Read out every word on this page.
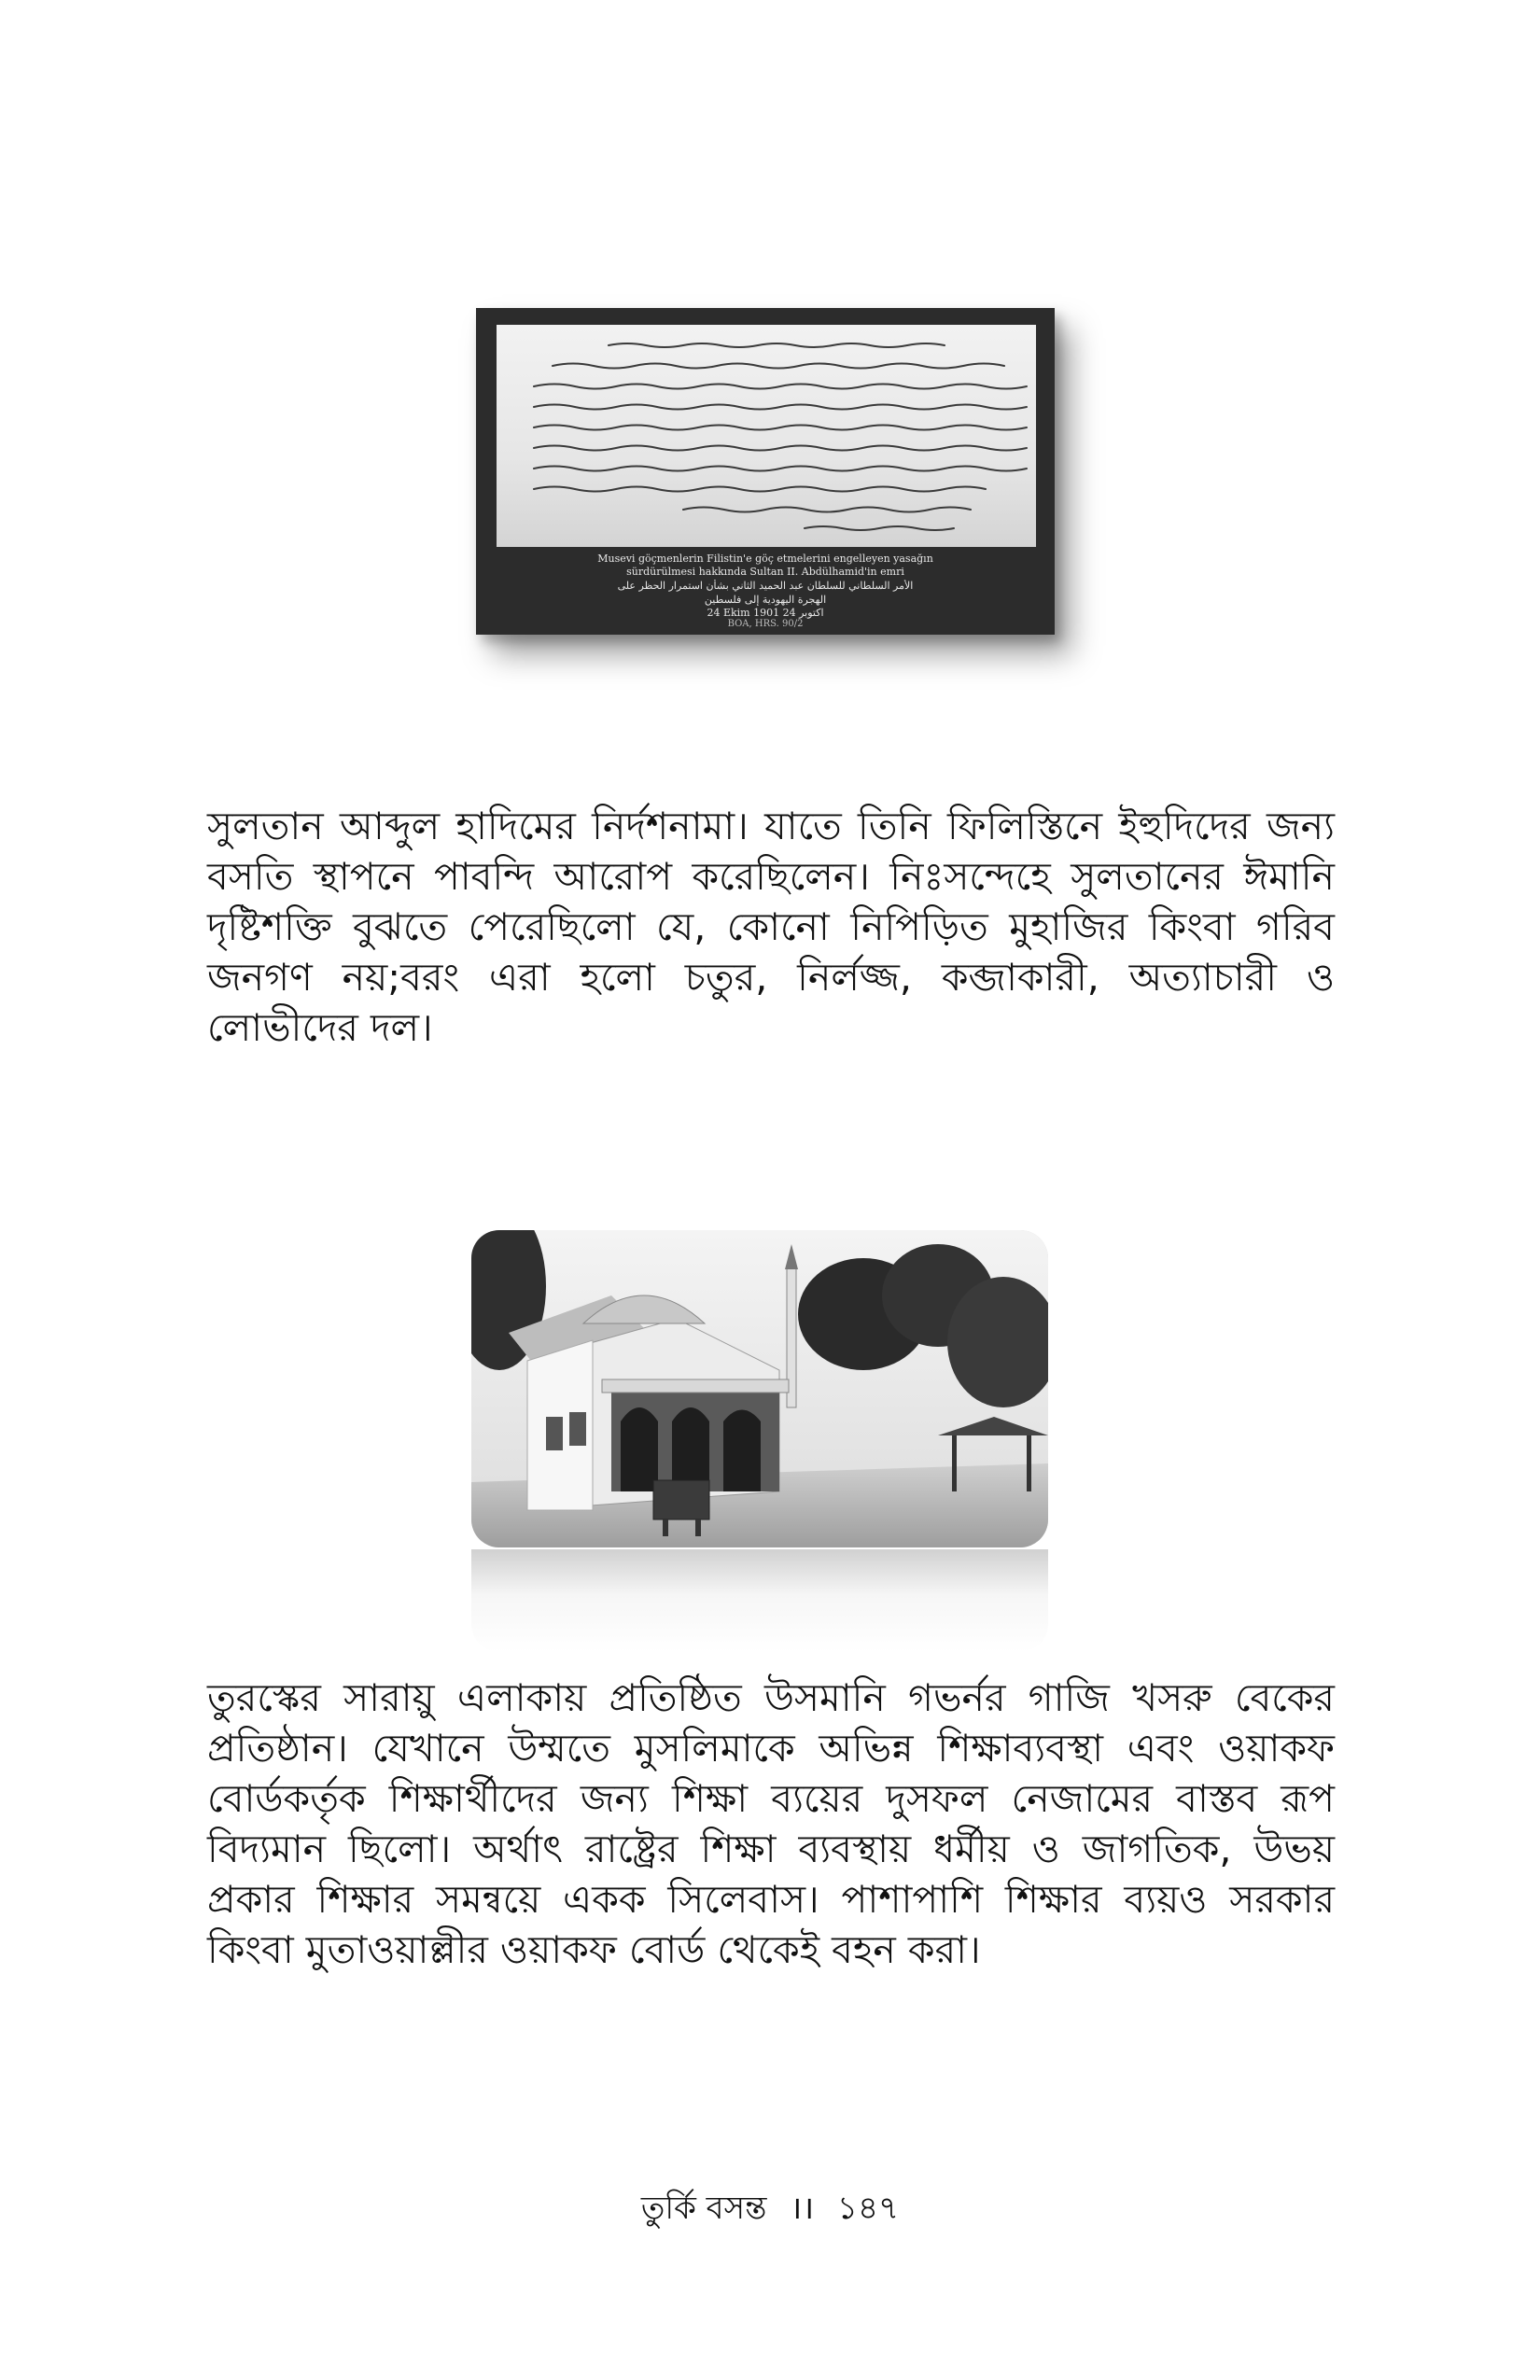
Musevi göçmenlerin Filistin'e göç etmelerini engelleyen yasağın
sürdürülmesi hakkında Sultan II. Abdülhamid'in emri
الأمر السلطاني للسلطان عبد الحميد الثاني بشأن استمرار الحظر على
الهجرة اليهودية إلى فلسطين
24 Ekim 1901 اكتوبر 24
BOA, HRS. 90/2

সুলতান আব্দুল হাদিমের নির্দশনামা। যাতে তিনি ফিলিস্তিনে ইহুদিদের জন্য বসতি স্থাপনে পাবন্দি আরোপ করেছিলেন। নিঃসন্দেহে সুলতানের ঈমানি দৃষ্টিশক্তি বুঝতে পেরেছিলো যে, কোনো নিপিড়িত মুহাজির কিংবা গরিব জনগণ নয়;বরং এরা হলো চতুর, নির্লজ্জ, কব্জাকারী, অত্যাচারী ও লোভীদের দল।

তুরস্কের সারায়ু এলাকায় প্রতিষ্ঠিত উসমানি গভর্নর গাজি খসরু বেকের প্রতিষ্ঠান। যেখানে উম্মতে মুসলিমাকে অভিন্ন শিক্ষাব্যবস্থা এবং ওয়াকফ বোর্ডকর্তৃক শিক্ষার্থীদের জন্য শিক্ষা ব্যয়ের দুসফল নেজামের বাস্তব রূপ বিদ্যমান ছিলো। অর্থাৎ রাষ্ট্রের শিক্ষা ব্যবস্থায় ধর্মীয় ও জাগতিক, উভয় প্রকার শিক্ষার সমন্বয়ে একক সিলেবাস। পাশাপাশি শিক্ষার ব্যয়ও সরকার কিংবা মুতাওয়াল্লীর ওয়াকফ বোর্ড থেকেই বহন করা।

তুর্কি বসন্ত ।। ১৪৭
